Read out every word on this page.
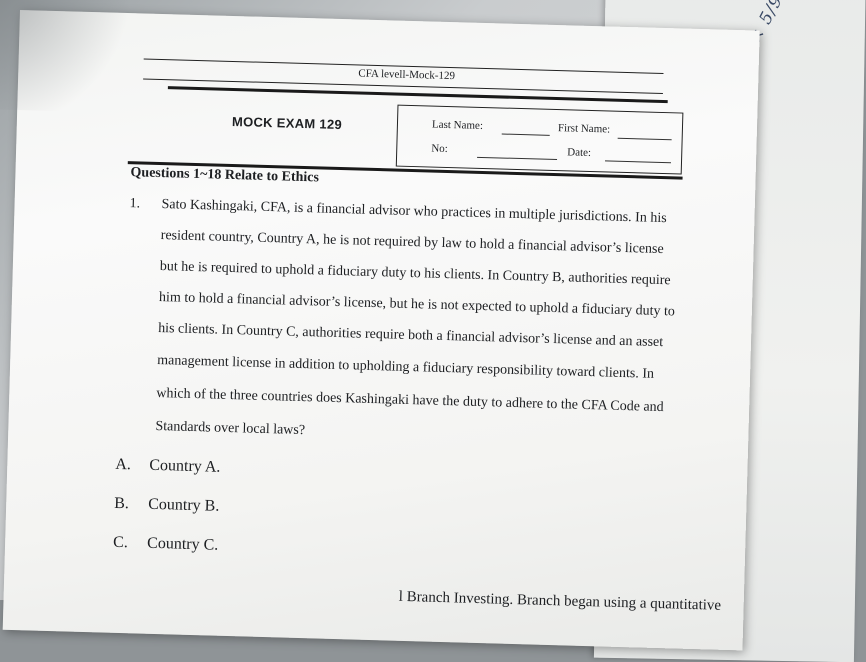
5/9
CFA levell-Mock-129
MOCK EXAM 129	Last Name:	First Name:
No:	Date:
Questions 1~18 Relate to Ethics
1. Sato Kashingaki, CFA, is a financial advisor who practices in multiple jurisdictions. In his
resident country, Country A, he is not required by law to hold a financial advisor’s license
but he is required to uphold a fiduciary duty to his clients. In Country B, authorities require
him to hold a financial advisor’s license, but he is not expected to uphold a fiduciary duty to
his clients. In Country C, authorities require both a financial advisor’s license and an asset
management license in addition to upholding a fiduciary responsibility toward clients. In
which of the three countries does Kashingaki have the duty to adhere to the CFA Code and
Standards over local laws?
A. Country A.
B. Country B.
C. Country C.
l Branch Investing. Branch began using a quantitative
